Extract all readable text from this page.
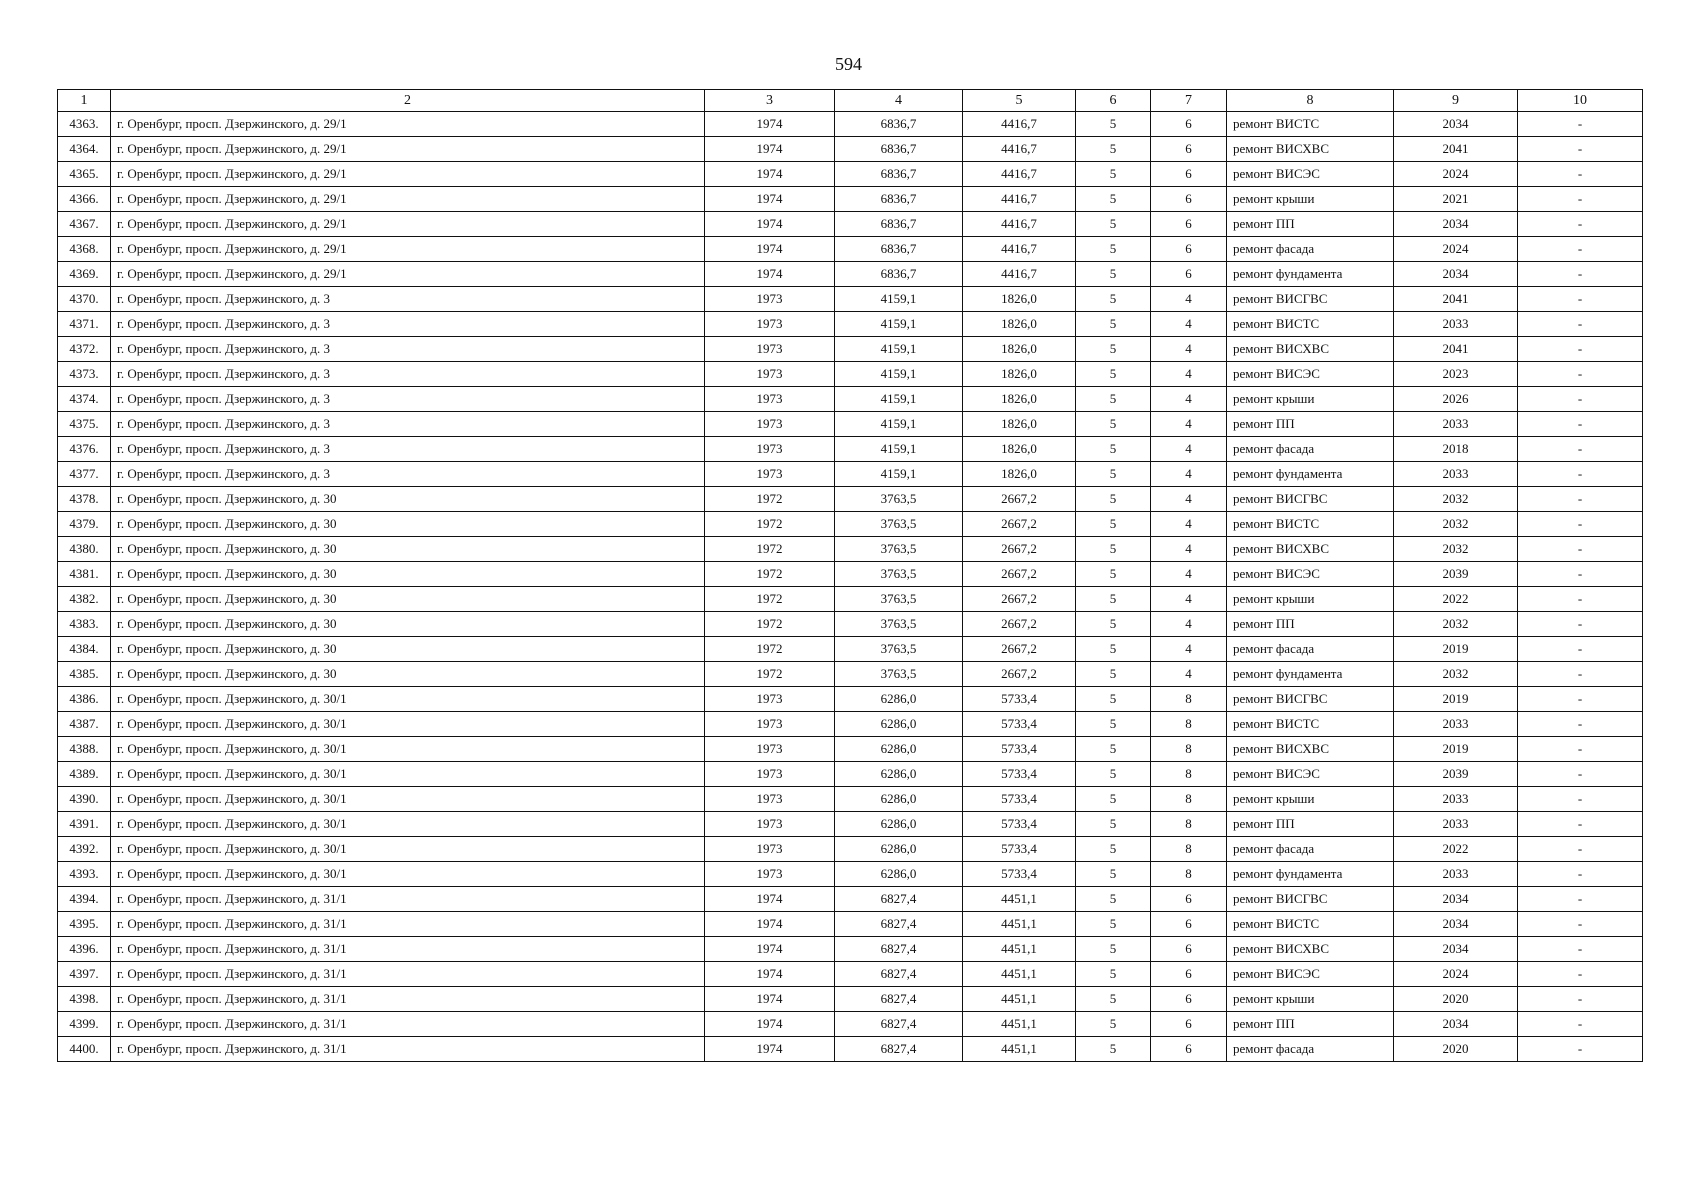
594
1	2	3	4	5	6	7	8	9	10
4363.	г. Оренбург, просп. Дзержинского, д. 29/1	1974	6836,7	4416,7	5	6	ремонт ВИСТС	2034	-
4364.	г. Оренбург, просп. Дзержинского, д. 29/1	1974	6836,7	4416,7	5	6	ремонт ВИСХВС	2041	-
4365.	г. Оренбург, просп. Дзержинского, д. 29/1	1974	6836,7	4416,7	5	6	ремонт ВИСЭС	2024	-
4366.	г. Оренбург, просп. Дзержинского, д. 29/1	1974	6836,7	4416,7	5	6	ремонт крыши	2021	-
4367.	г. Оренбург, просп. Дзержинского, д. 29/1	1974	6836,7	4416,7	5	6	ремонт ПП	2034	-
4368.	г. Оренбург, просп. Дзержинского, д. 29/1	1974	6836,7	4416,7	5	6	ремонт фасада	2024	-
4369.	г. Оренбург, просп. Дзержинского, д. 29/1	1974	6836,7	4416,7	5	6	ремонт фундамента	2034	-
4370.	г. Оренбург, просп. Дзержинского, д. 3	1973	4159,1	1826,0	5	4	ремонт ВИСГВС	2041	-
4371.	г. Оренбург, просп. Дзержинского, д. 3	1973	4159,1	1826,0	5	4	ремонт ВИСТС	2033	-
4372.	г. Оренбург, просп. Дзержинского, д. 3	1973	4159,1	1826,0	5	4	ремонт ВИСХВС	2041	-
4373.	г. Оренбург, просп. Дзержинского, д. 3	1973	4159,1	1826,0	5	4	ремонт ВИСЭС	2023	-
4374.	г. Оренбург, просп. Дзержинского, д. 3	1973	4159,1	1826,0	5	4	ремонт крыши	2026	-
4375.	г. Оренбург, просп. Дзержинского, д. 3	1973	4159,1	1826,0	5	4	ремонт ПП	2033	-
4376.	г. Оренбург, просп. Дзержинского, д. 3	1973	4159,1	1826,0	5	4	ремонт фасада	2018	-
4377.	г. Оренбург, просп. Дзержинского, д. 3	1973	4159,1	1826,0	5	4	ремонт фундамента	2033	-
4378.	г. Оренбург, просп. Дзержинского, д. 30	1972	3763,5	2667,2	5	4	ремонт ВИСГВС	2032	-
4379.	г. Оренбург, просп. Дзержинского, д. 30	1972	3763,5	2667,2	5	4	ремонт ВИСТС	2032	-
4380.	г. Оренбург, просп. Дзержинского, д. 30	1972	3763,5	2667,2	5	4	ремонт ВИСХВС	2032	-
4381.	г. Оренбург, просп. Дзержинского, д. 30	1972	3763,5	2667,2	5	4	ремонт ВИСЭС	2039	-
4382.	г. Оренбург, просп. Дзержинского, д. 30	1972	3763,5	2667,2	5	4	ремонт крыши	2022	-
4383.	г. Оренбург, просп. Дзержинского, д. 30	1972	3763,5	2667,2	5	4	ремонт ПП	2032	-
4384.	г. Оренбург, просп. Дзержинского, д. 30	1972	3763,5	2667,2	5	4	ремонт фасада	2019	-
4385.	г. Оренбург, просп. Дзержинского, д. 30	1972	3763,5	2667,2	5	4	ремонт фундамента	2032	-
4386.	г. Оренбург, просп. Дзержинского, д. 30/1	1973	6286,0	5733,4	5	8	ремонт ВИСГВС	2019	-
4387.	г. Оренбург, просп. Дзержинского, д. 30/1	1973	6286,0	5733,4	5	8	ремонт ВИСТС	2033	-
4388.	г. Оренбург, просп. Дзержинского, д. 30/1	1973	6286,0	5733,4	5	8	ремонт ВИСХВС	2019	-
4389.	г. Оренбург, просп. Дзержинского, д. 30/1	1973	6286,0	5733,4	5	8	ремонт ВИСЭС	2039	-
4390.	г. Оренбург, просп. Дзержинского, д. 30/1	1973	6286,0	5733,4	5	8	ремонт крыши	2033	-
4391.	г. Оренбург, просп. Дзержинского, д. 30/1	1973	6286,0	5733,4	5	8	ремонт ПП	2033	-
4392.	г. Оренбург, просп. Дзержинского, д. 30/1	1973	6286,0	5733,4	5	8	ремонт фасада	2022	-
4393.	г. Оренбург, просп. Дзержинского, д. 30/1	1973	6286,0	5733,4	5	8	ремонт фундамента	2033	-
4394.	г. Оренбург, просп. Дзержинского, д. 31/1	1974	6827,4	4451,1	5	6	ремонт ВИСГВС	2034	-
4395.	г. Оренбург, просп. Дзержинского, д. 31/1	1974	6827,4	4451,1	5	6	ремонт ВИСТС	2034	-
4396.	г. Оренбург, просп. Дзержинского, д. 31/1	1974	6827,4	4451,1	5	6	ремонт ВИСХВС	2034	-
4397.	г. Оренбург, просп. Дзержинского, д. 31/1	1974	6827,4	4451,1	5	6	ремонт ВИСЭС	2024	-
4398.	г. Оренбург, просп. Дзержинского, д. 31/1	1974	6827,4	4451,1	5	6	ремонт крыши	2020	-
4399.	г. Оренбург, просп. Дзержинского, д. 31/1	1974	6827,4	4451,1	5	6	ремонт ПП	2034	-
4400.	г. Оренбург, просп. Дзержинского, д. 31/1	1974	6827,4	4451,1	5	6	ремонт фасада	2020	-
